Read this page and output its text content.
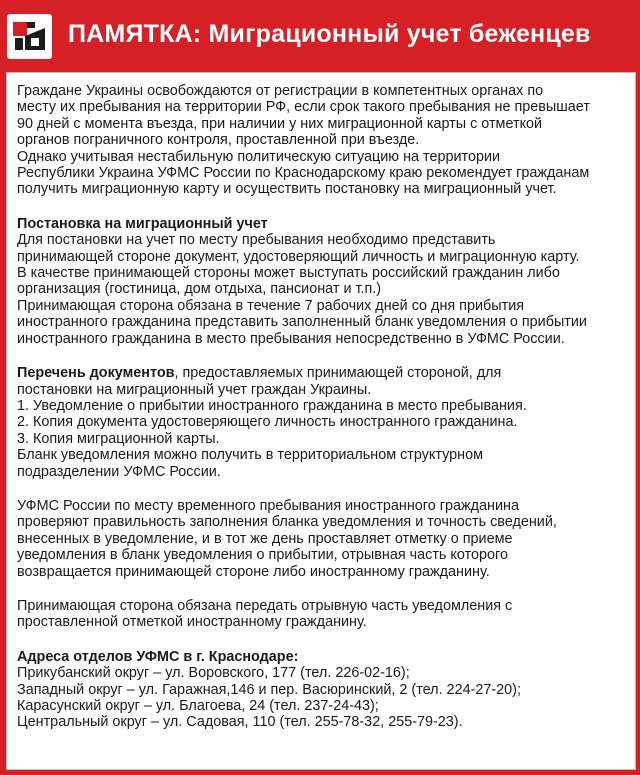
ПАМЯТКА: Миграционный учет беженцев

Граждане Украины освобождаются от регистрации в компетентных органах по
месту их пребывания на территории РФ, если срок такого пребывания не превышает
90 дней с момента въезда, при наличии у них миграционной карты с отметкой
органов пограничного контроля, проставленной при въезде.

Однако учитывая нестабильную политическую ситуацию на территории
Республики Украина УФМС России по Краснодарскому краю рекомендует гражданам
получить миграционную карту и осуществить постановку на миграционный учет.

Постановка на миграционный учет

Для постановки на учет по месту пребывания необходимо представить
принимающей стороне документ, удостоверяющий личность и миграционную карту.

В качестве принимающей стороны может выступать российский гражданин либо
организация (гостиница, дом отдыха, пансионат и т.п.)

Принимающая сторона обязана в течение 7 рабочих дней со дня прибытия
иностранного гражданина представить заполненный бланк уведомления о прибытии
иностранного гражданина в место пребывания непосредственно в УФМС России.

Перечень документов, предоставляемых принимающей стороной, для
постановки на миграционный учет граждан Украины.

1. Уведомление о прибытии иностранного гражданина в место пребывания.

2. Копия документа удостоверяющего личность иностранного гражданина.

3. Копия миграционной карты.

Бланк уведомления можно получить в территориальном структурном
подразделении УФМС России.

УФМС России по месту временного пребывания иностранного гражданина
проверяют правильность заполнения бланка уведомления и точность сведений,
внесенных в уведомление, и в тот же день проставляет отметку о приеме
уведомления в бланк уведомления о прибытии, отрывная часть которого
возвращается принимающей стороне либо иностранному гражданину.

Принимающая сторона обязана передать отрывную часть уведомления с
проставленной отметкой иностранному гражданину.

Адреса отделов УФМС в г. Краснодаре:

Прикубанский округ – ул. Воровского, 177 (тел. 226-02-16);

Западный округ – ул. Гаражная,146 и пер. Васюринский, 2 (тел. 224-27-20);

Карасунский округ – ул. Благоева, 24 (тел. 237-24-43);

Центральный округ – ул. Садовая, 110 (тел. 255-78-32, 255-79-23).
